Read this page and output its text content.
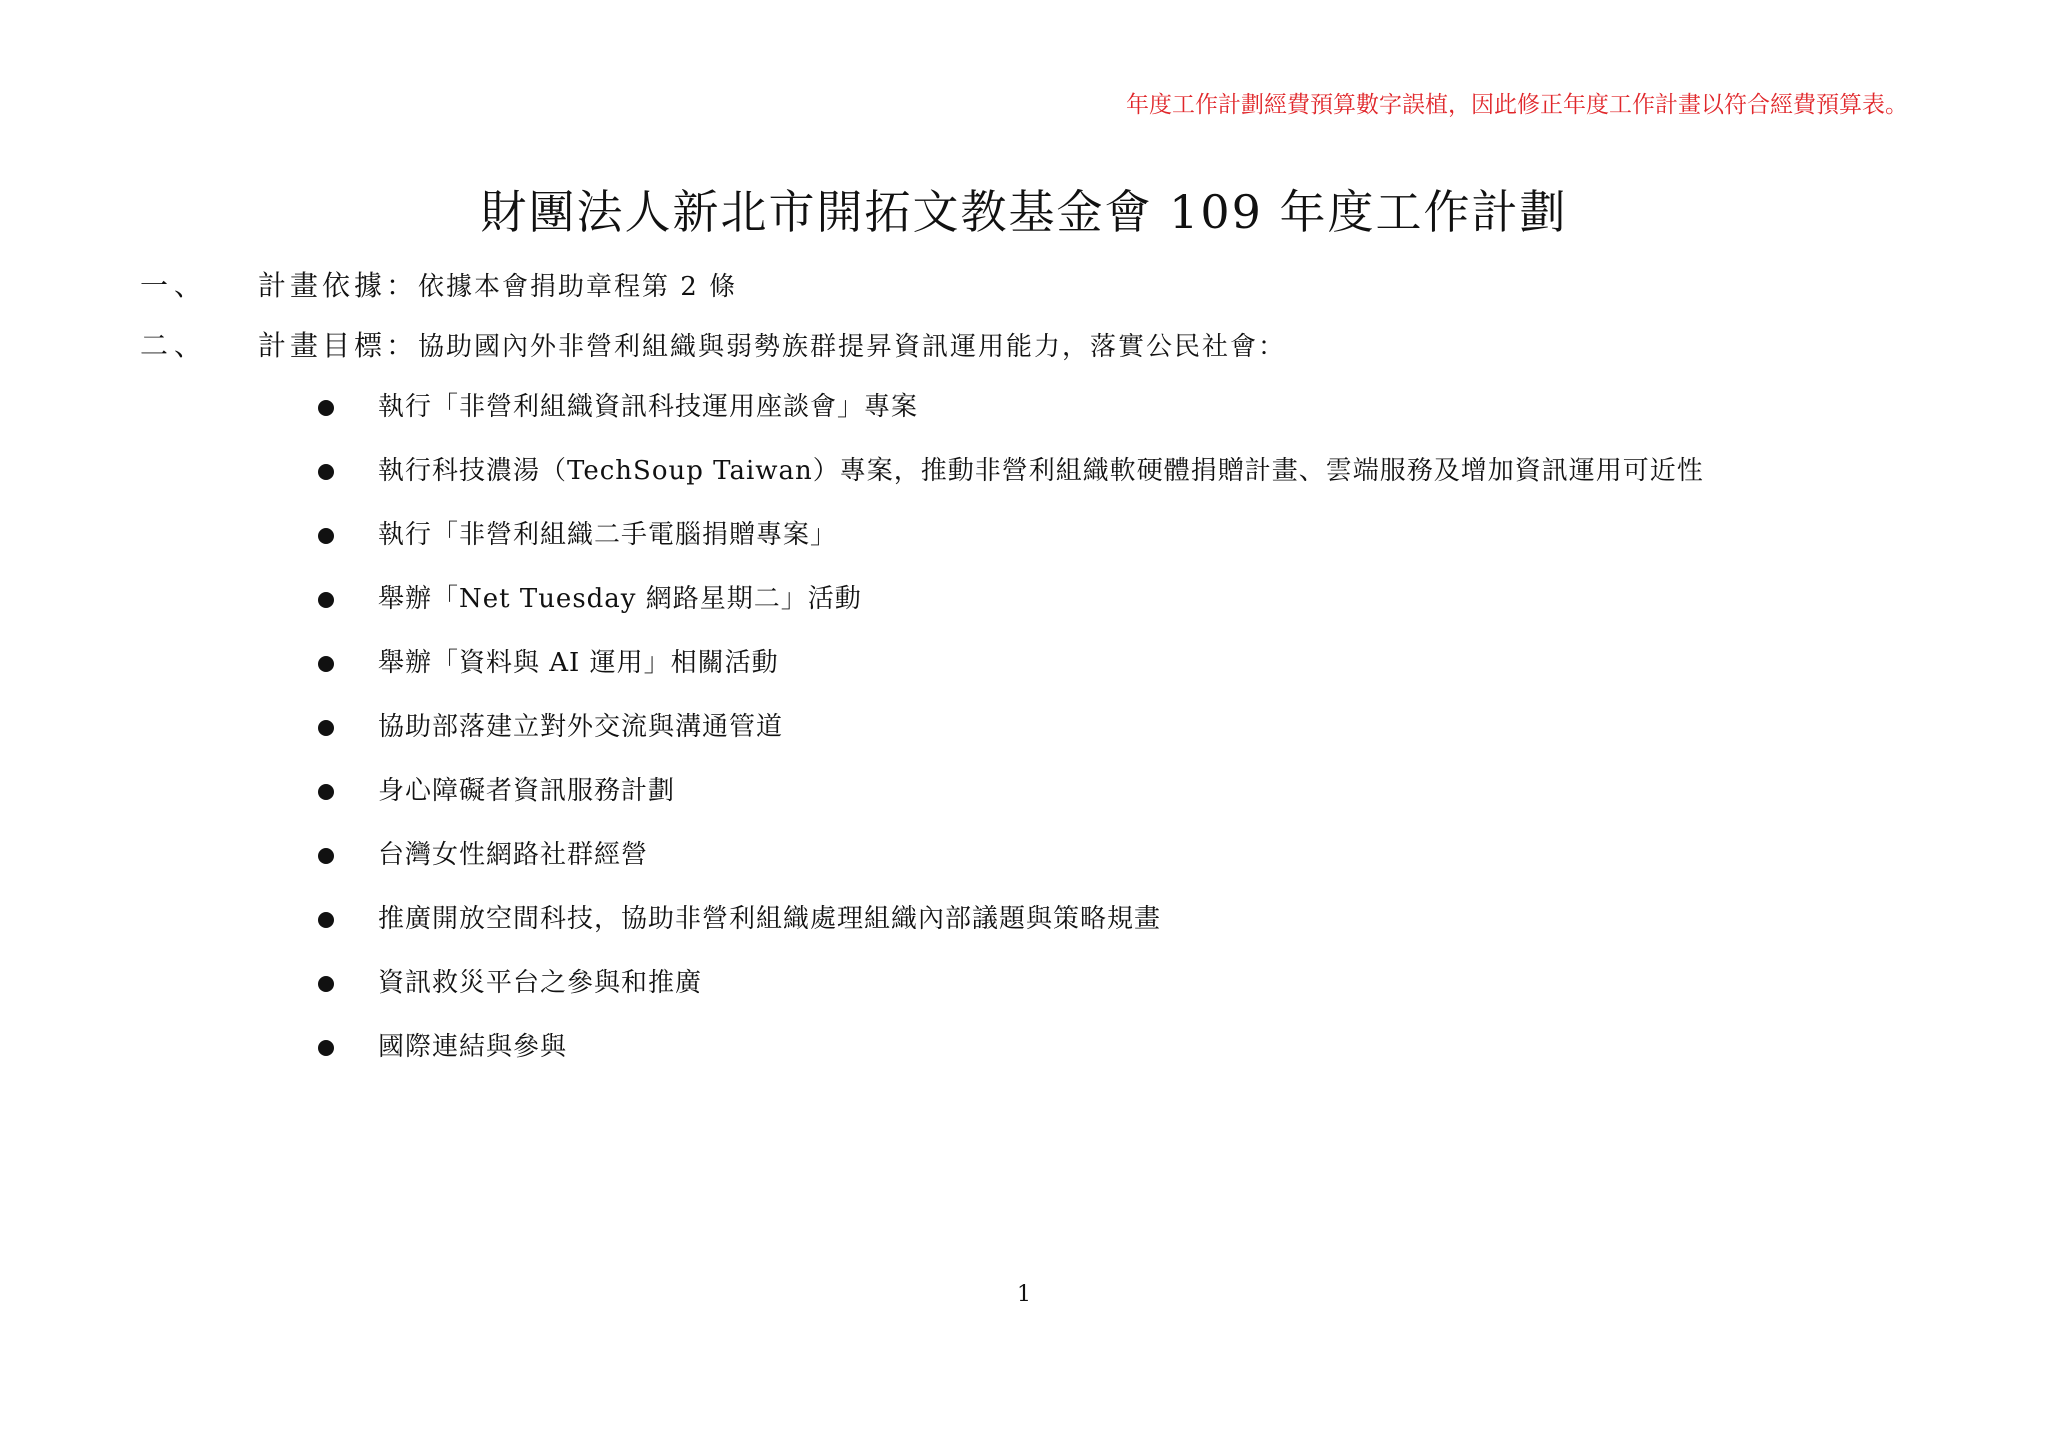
年度工作計劃經費預算數字誤植，因此修正年度工作計畫以符合經費預算表。
財團法人新北市開拓文教基金會 109 年度工作計劃
一、 計畫依據：依據本會捐助章程第 2 條
二、 計畫目標：協助國內外非營利組織與弱勢族群提昇資訊運用能力，落實公民社會：
執行「非營利組織資訊科技運用座談會」專案
執行科技濃湯（TechSoup Taiwan）專案，推動非營利組織軟硬體捐贈計畫、雲端服務及增加資訊運用可近性
執行「非營利組織二手電腦捐贈專案」
舉辦「Net Tuesday 網路星期二」活動
舉辦「資料與 AI 運用」相關活動
協助部落建立對外交流與溝通管道
身心障礙者資訊服務計劃
台灣女性網路社群經營
推廣開放空間科技，協助非營利組織處理組織內部議題與策略規畫
資訊救災平台之參與和推廣
國際連結與參與
1
